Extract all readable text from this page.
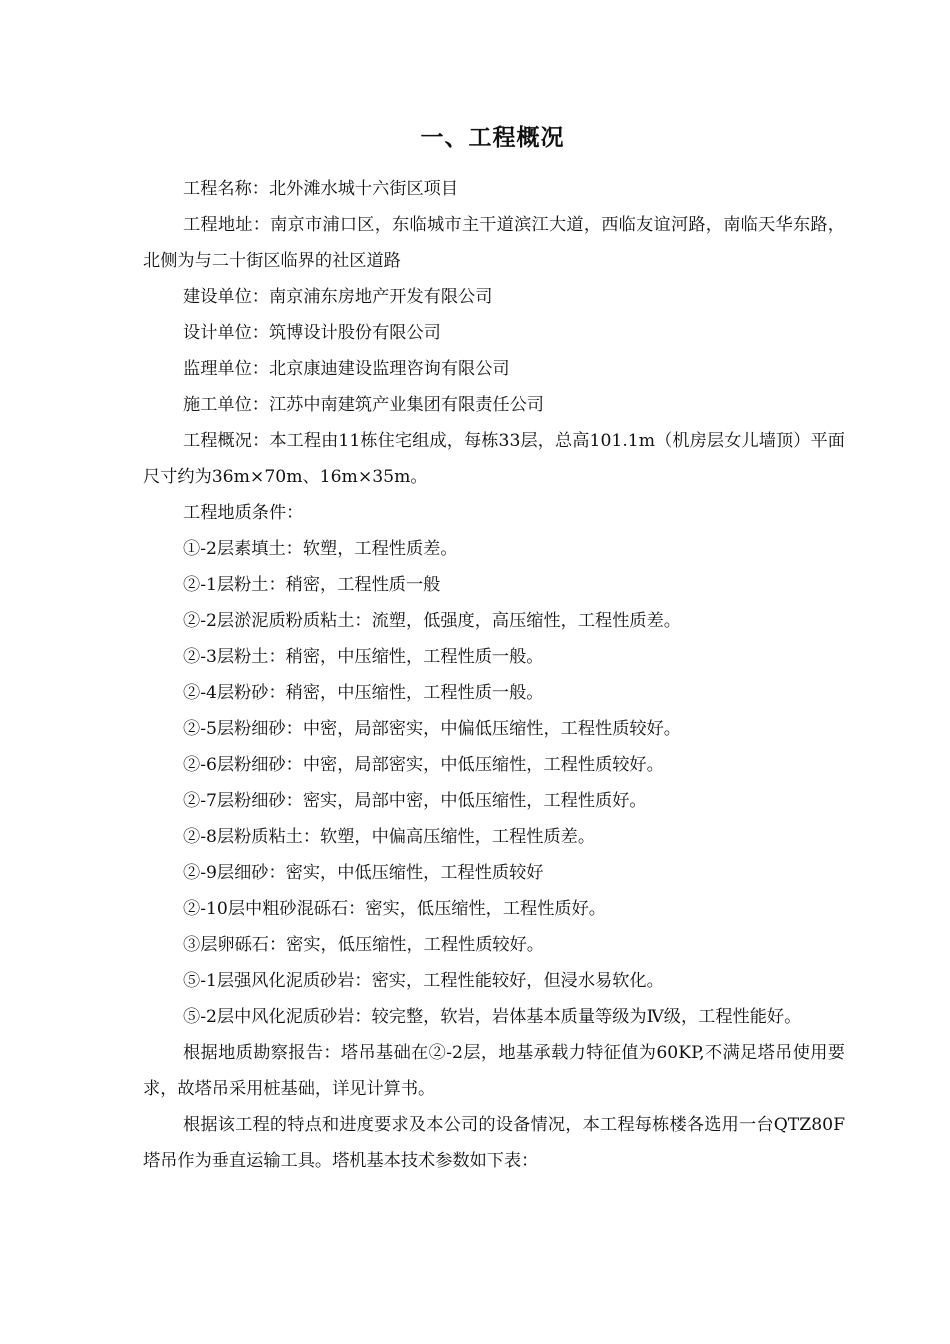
一、工程概况

工程名称：北外滩水城十六街区项目

工程地址：南京市浦口区，东临城市主干道滨江大道，西临友谊河路，南临天华东路，北侧为与二十街区临界的社区道路

建设单位：南京浦东房地产开发有限公司

设计单位：筑博设计股份有限公司

监理单位：北京康迪建设监理咨询有限公司

施工单位：江苏中南建筑产业集团有限责任公司

工程概况：本工程由11栋住宅组成，每栋33层，总高101.1m（机房层女儿墙顶）平面尺寸约为36m×70m、16m×35m。

工程地质条件：

①-2层素填土：软塑，工程性质差。

②-1层粉土：稍密，工程性质一般

②-2层淤泥质粉质粘土：流塑，低强度，高压缩性，工程性质差。

②-3层粉土：稍密，中压缩性，工程性质一般。

②-4层粉砂：稍密，中压缩性，工程性质一般。

②-5层粉细砂：中密，局部密实，中偏低压缩性，工程性质较好。

②-6层粉细砂：中密，局部密实，中低压缩性，工程性质较好。

②-7层粉细砂：密实，局部中密，中低压缩性，工程性质好。

②-8层粉质粘土：软塑，中偏高压缩性，工程性质差。

②-9层细砂：密实，中低压缩性，工程性质较好

②-10层中粗砂混砾石：密实，低压缩性，工程性质好。

③层卵砾石：密实，低压缩性，工程性质较好。

⑤-1层强风化泥质砂岩：密实，工程性能较好，但浸水易软化。

⑤-2层中风化泥质砂岩：较完整，软岩，岩体基本质量等级为Ⅳ级，工程性能好。

根据地质勘察报告：塔吊基础在②-2层，地基承载力特征值为60KP,不满足塔吊使用要求，故塔吊采用桩基础，详见计算书。

根据该工程的特点和进度要求及本公司的设备情况，本工程每栋楼各选用一台QTZ80F塔吊作为垂直运输工具。塔机基本技术参数如下表：
